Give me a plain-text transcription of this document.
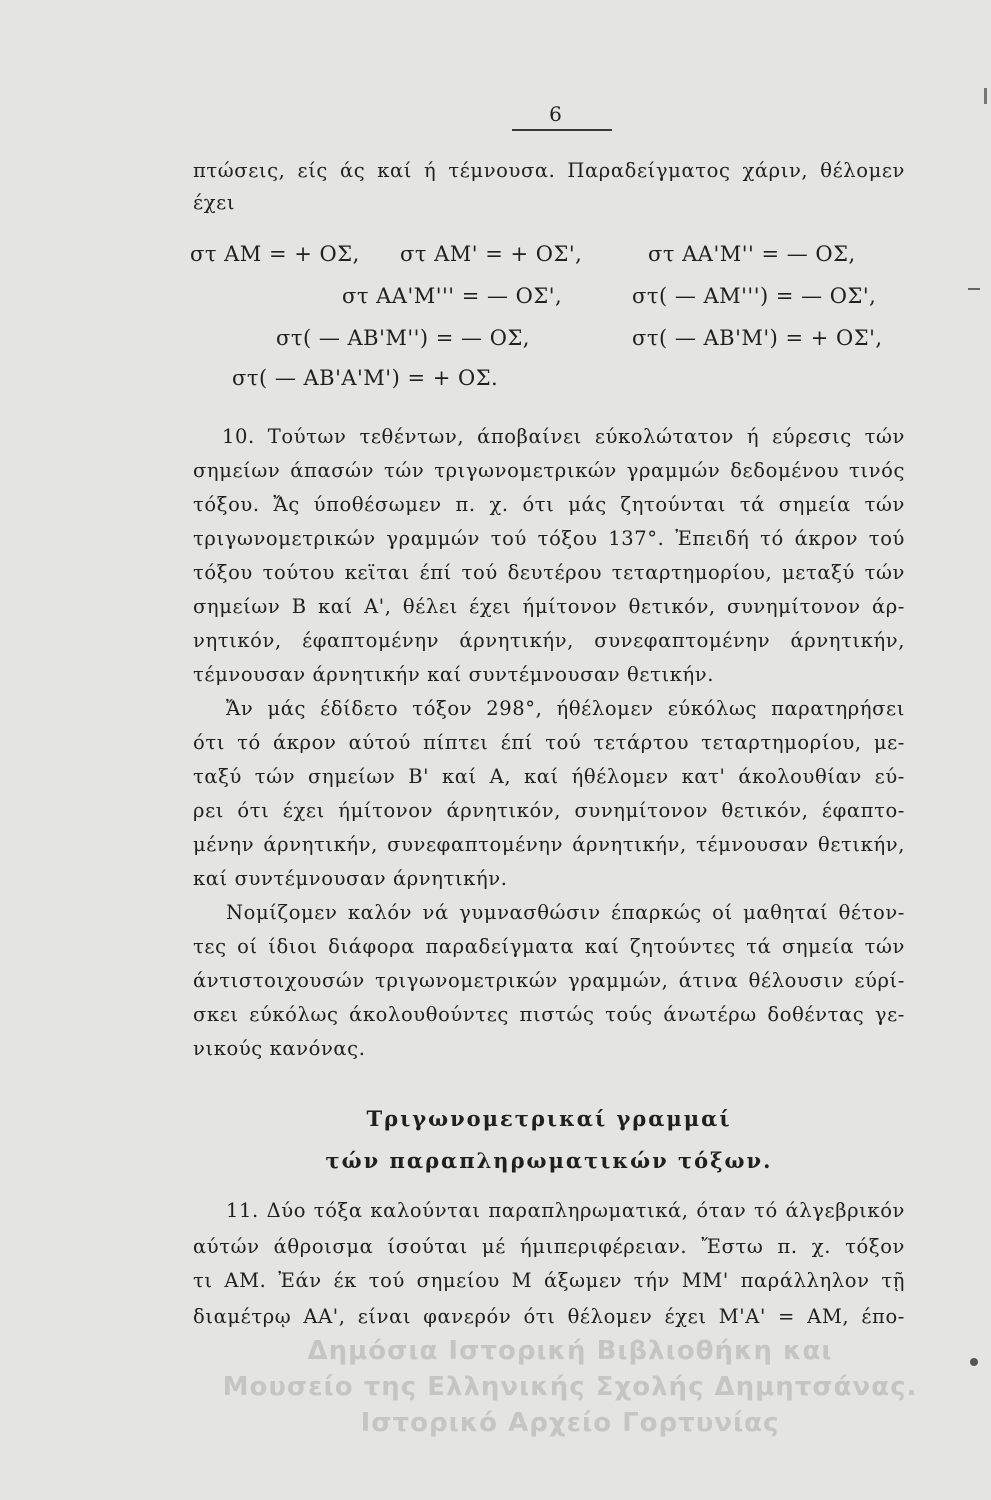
6
πτώσεις, είς άς καί ή τέμνουσα. Παραδείγματος χάριν, θέλομεν
έχει
στ ΑΜ = + ΟΣ, στ ΑΜ' = + ΟΣ',	στ ΑΑ'Μ'' = — ΟΣ,
στ ΑΑ'Μ''' = — ΟΣ',	στ( — ΑΜ''') = — ΟΣ',
στ( — ΑΒ'Μ'') = — ΟΣ,	στ( — ΑΒ'Μ') = + ΟΣ',
στ( — ΑΒ'Α'Μ') = + ΟΣ.
10. Τούτων τεθέντων, άποβαίνει εύκολώτατον ή εύρεσις τών
σημείων άπασών τών τριγωνομετρικών γραμμών δεδομένου τινός
τόξου. Ἄς ύποθέσωμεν π. χ. ότι μάς ζητούνται τά σημεία τών
τριγωνομετρικών γραμμών τού τόξου 137°. Ἐπειδή τό άκρον τού
τόξου τούτου κεϊται έπί τού δευτέρου τεταρτημορίου, μεταξύ τών
σημείων Β καί Α', θέλει έχει ήμίτονον θετικόν, συνημίτονον άρ-
νητικόν, έφαπτομένην άρνητικήν, συνεφαπτομένην άρνητικήν,
τέμνουσαν άρνητικήν καί συντέμνουσαν θετικήν.
Ἄν μάς έδίδετο τόξον 298°, ήθέλομεν εύκόλως παρατηρήσει
ότι τό άκρον αύτού πίπτει έπί τού τετάρτου τεταρτημορίου, με-
ταξύ τών σημείων Β' καί Α, καί ήθέλομεν κατ' άκολουθίαν εύ-
ρει ότι έχει ήμίτονον άρνητικόν, συνημίτονον θετικόν, έφαπτο-
μένην άρνητικήν, συνεφαπτομένην άρνητικήν, τέμνουσαν θετικήν,
καί συντέμνουσαν άρνητικήν.
Νομίζομεν καλόν νά γυμνασθώσιν έπαρκώς οί μαθηταί θέτον-
τες οί ίδιοι διάφορα παραδείγματα καί ζητούντες τά σημεία τών
άντιστοιχουσών τριγωνομετρικών γραμμών, άτινα θέλουσιν εύρί-
σκει εύκόλως άκολουθούντες πιστώς τούς άνωτέρω δοθέντας γε-
νικούς κανόνας.
Τριγωνομετρικαί γραμμαί
τών παραπληρωματικών τόξων.
11. Δύο τόξα καλούνται παραπληρωματικά, όταν τό άλγεβρικόν
αύτών άθροισμα ίσούται μέ ήμιπεριφέρειαν. Ἔστω π. χ. τόξον
τι ΑΜ. Ἐάν έκ τού σημείου Μ άξωμεν τήν ΜΜ' παράλληλον τῇ
διαμέτρῳ ΑΑ', είναι φανερόν ότι θέλομεν έχει Μ'Α' = ΑΜ, έπο-
Δημόσια Ιστορική Βιβλιοθήκη και
Μουσείο της Ελληνικής Σχολής Δημητσάνας.
Ιστορικό Αρχείο Γορτυνίας
